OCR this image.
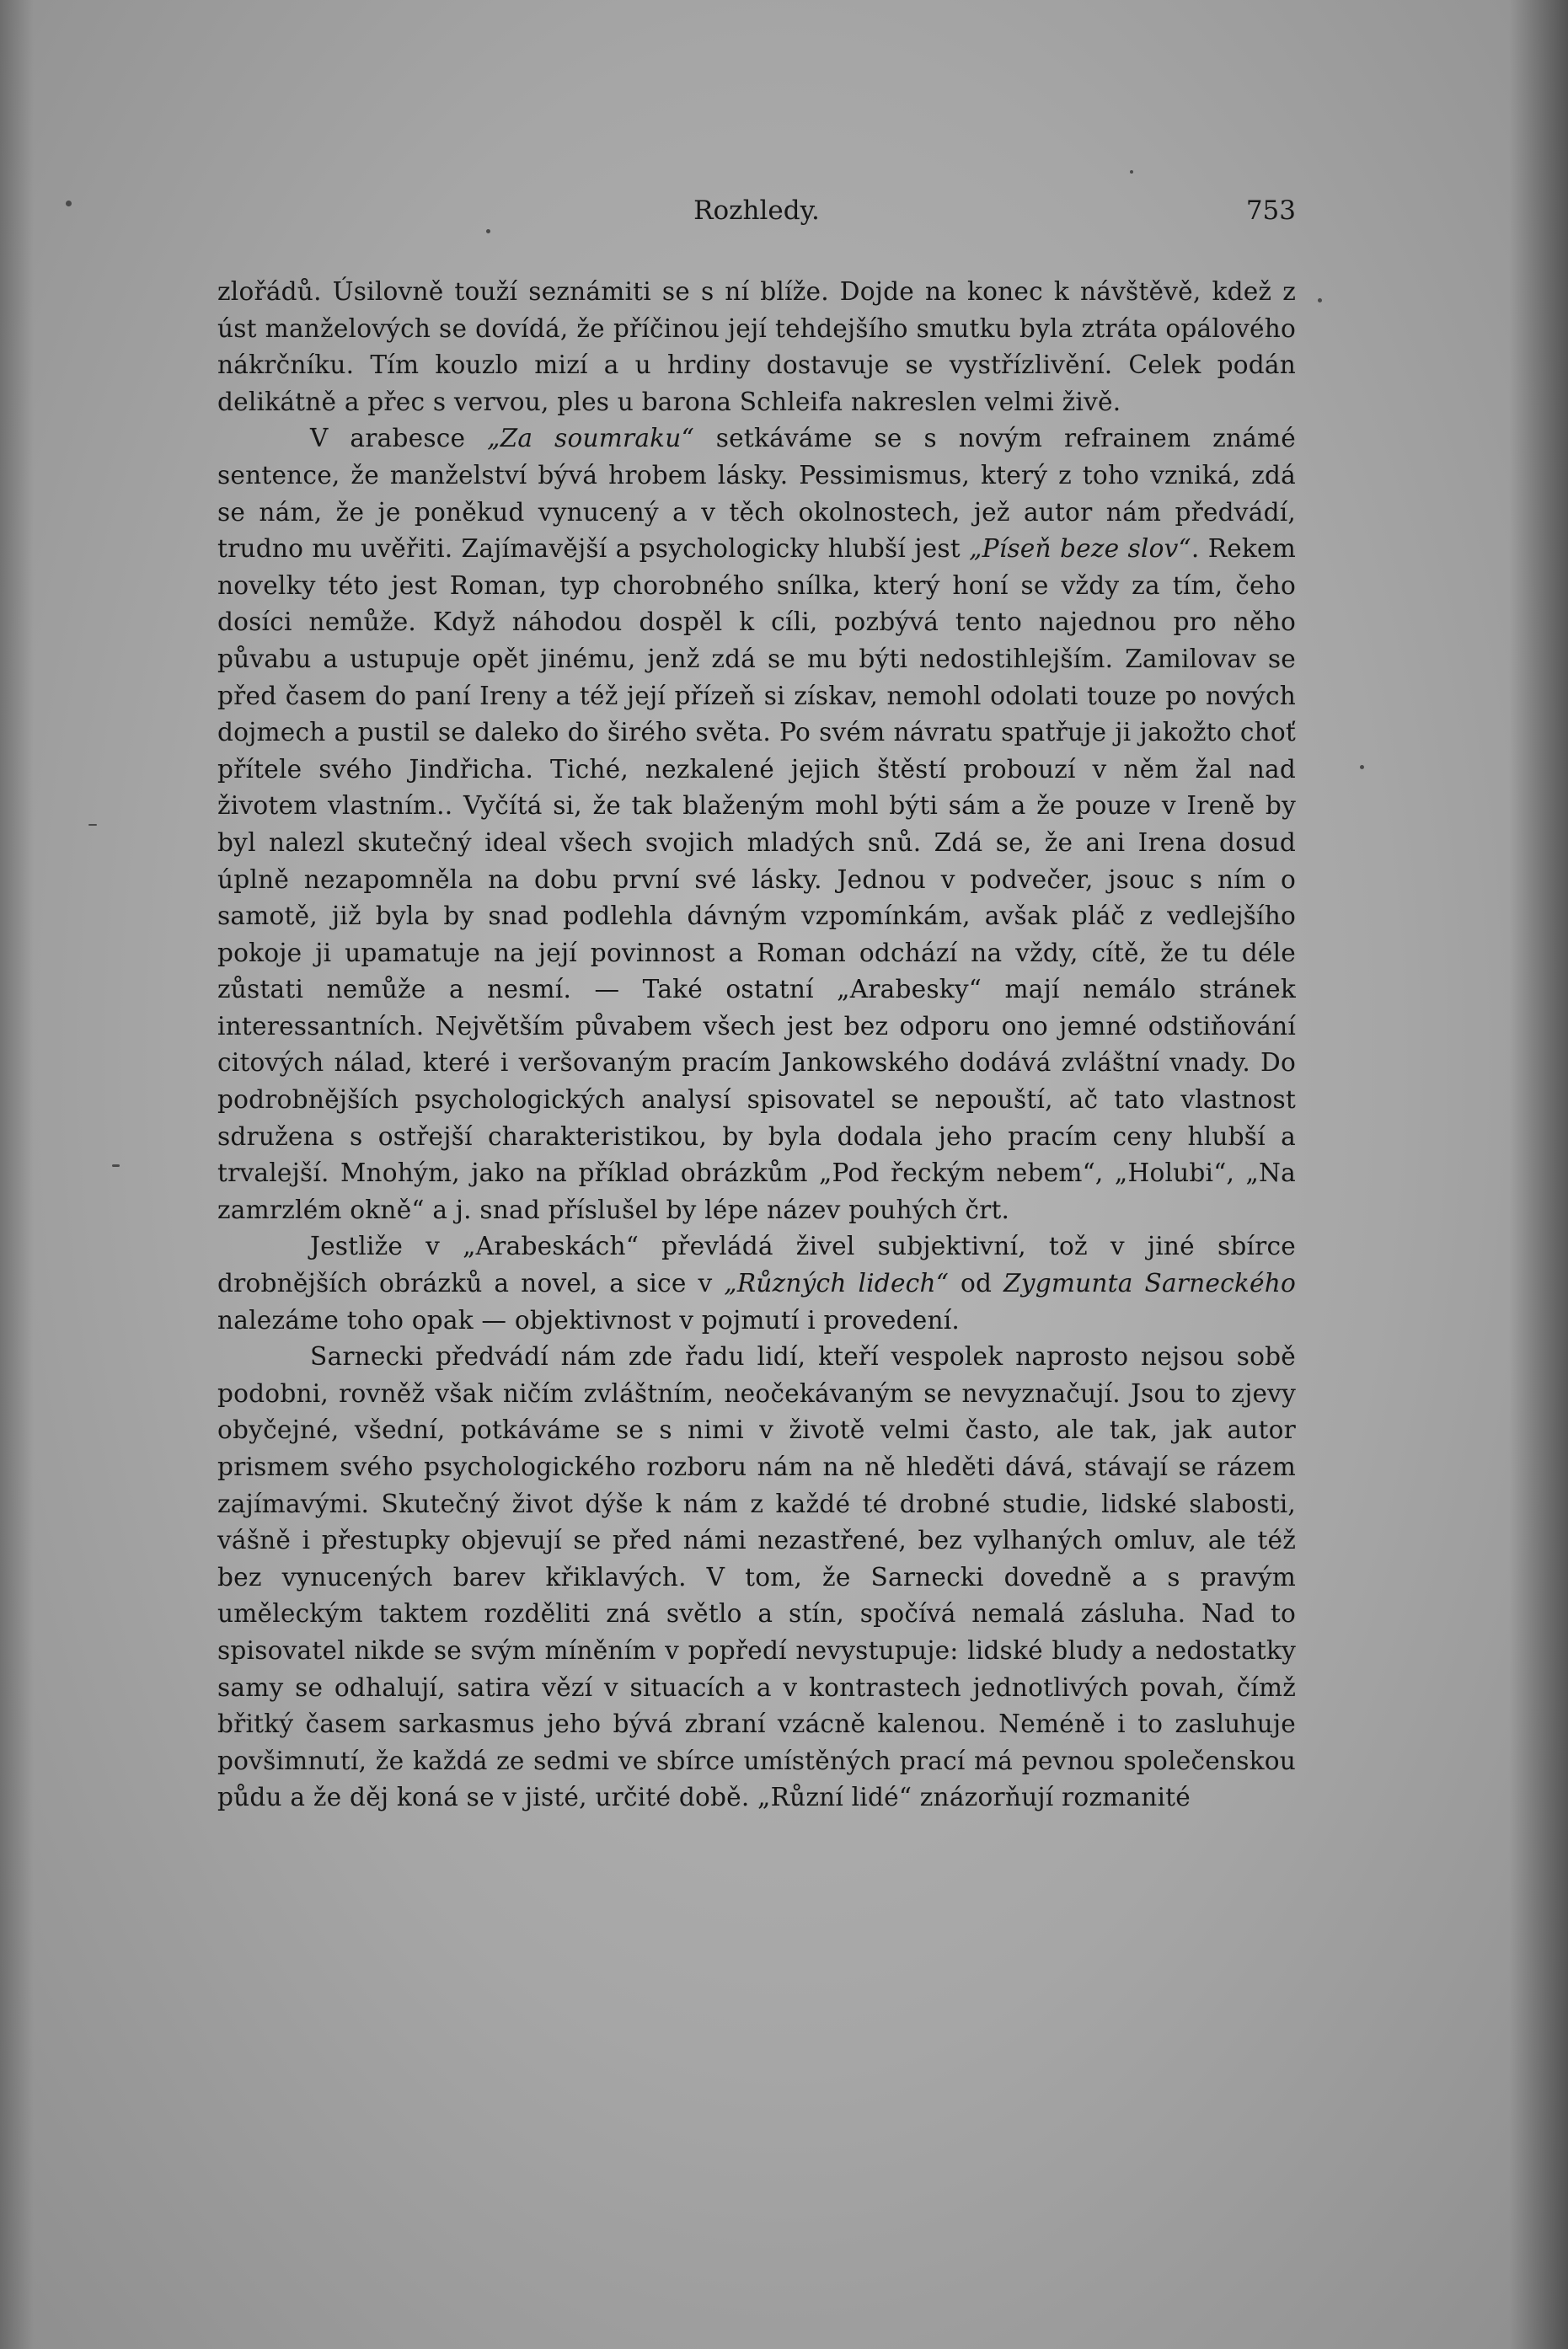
Rozhledy.	753

zlořádů. Úsilovně touží seznámiti se s ní blíže. Dojde na konec k návštěvě, kdež z úst manželových se dovídá, že příčinou její tehdejšího smutku byla ztráta opálového nákrčníku. Tím kouzlo mizí a u hrdiny dostavuje se vystřízlivění. Celek podán delikátně a přec s vervou, ples u barona Schleifa nakreslen velmi živě.

V arabesce „Za soumraku“ setkáváme se s novým refrainem známé sentence, že manželství bývá hrobem lásky. Pessimismus, který z toho vzniká, zdá se nám, že je poněkud vynucený a v těch okolnostech, jež autor nám předvádí, trudno mu uvěřiti. Zajímavější a psychologicky hlubší jest „Píseň beze slov“. Rekem novelky této jest Roman, typ chorobného snílka, který honí se vždy za tím, čeho dosíci nemůže. Když náhodou dospěl k cíli, pozbývá tento najednou pro něho půvabu a ustupuje opět jinému, jenž zdá se mu býti nedostihlejším. Zamilovav se před časem do paní Ireny a též její přízeň si získav, nemohl odolati touze po nových dojmech a pustil se daleko do širého světa. Po svém návratu spatřuje ji jakožto choť přítele svého Jindřicha. Tiché, nezkalené jejich štěstí probouzí v něm žal nad životem vlastním.. Vyčítá si, že tak blaženým mohl býti sám a že pouze v Ireně by byl nalezl skutečný ideal všech svojich mladých snů. Zdá se, že ani Irena dosud úplně nezapomněla na dobu první své lásky. Jednou v podvečer, jsouc s ním o samotě, již byla by snad podlehla dávným vzpomínkám, avšak pláč z vedlejšího pokoje ji upamatuje na její povinnost a Roman odchází na vždy, cítě, že tu déle zůstati nemůže a nesmí. — Také ostatní „Arabesky“ mají nemálo stránek interessantních. Největším půvabem všech jest bez odporu ono jemné odstiňování citových nálad, které i veršovaným pracím Jankowského dodává zvláštní vnady. Do podrobnějších psychologických analysí spisovatel se nepouští, ač tato vlastnost sdružena s ostřejší charakteristikou, by byla dodala jeho pracím ceny hlubší a trvalejší. Mnohým, jako na příklad obrázkům „Pod řeckým nebem“, „Holubi“, „Na zamrzlém okně“ a j. snad příslušel by lépe název pouhých črt.

Jestliže v „Arabeskách“ převládá živel subjektivní, tož v jiné sbírce drobnějších obrázků a novel, a sice v „Různých lidech“ od Zygmunta Sarneckého nalezáme toho opak — objektivnost v pojmutí i provedení.

Sarnecki předvádí nám zde řadu lidí, kteří vespolek naprosto nejsou sobě podobni, rovněž však ničím zvláštním, neočekávaným se nevyznačují. Jsou to zjevy obyčejné, všední, potkáváme se s nimi v životě velmi často, ale tak, jak autor prismem svého psychologického rozboru nám na ně hleděti dává, stávají se rázem zajímavými. Skutečný život dýše k nám z každé té drobné studie, lidské slabosti, vášně i přestupky objevují se před námi nezastřené, bez vylhaných omluv, ale též bez vynucených barev křiklavých. V tom, že Sarnecki dovedně a s pravým uměleckým taktem rozděliti zná světlo a stín, spočívá nemalá zásluha. Nad to spisovatel nikde se svým míněním v popředí nevystupuje: lidské bludy a nedostatky samy se odhalují, satira vězí v situacích a v kontrastech jednotlivých povah, čímž břitký časem sarkasmus jeho bývá zbraní vzácně kalenou. Neméně i to zasluhuje povšimnutí, že každá ze sedmi ve sbírce umístěných prací má pevnou společenskou půdu a že děj koná se v jisté, určité době. „Různí lidé“ znázorňují rozmanité
